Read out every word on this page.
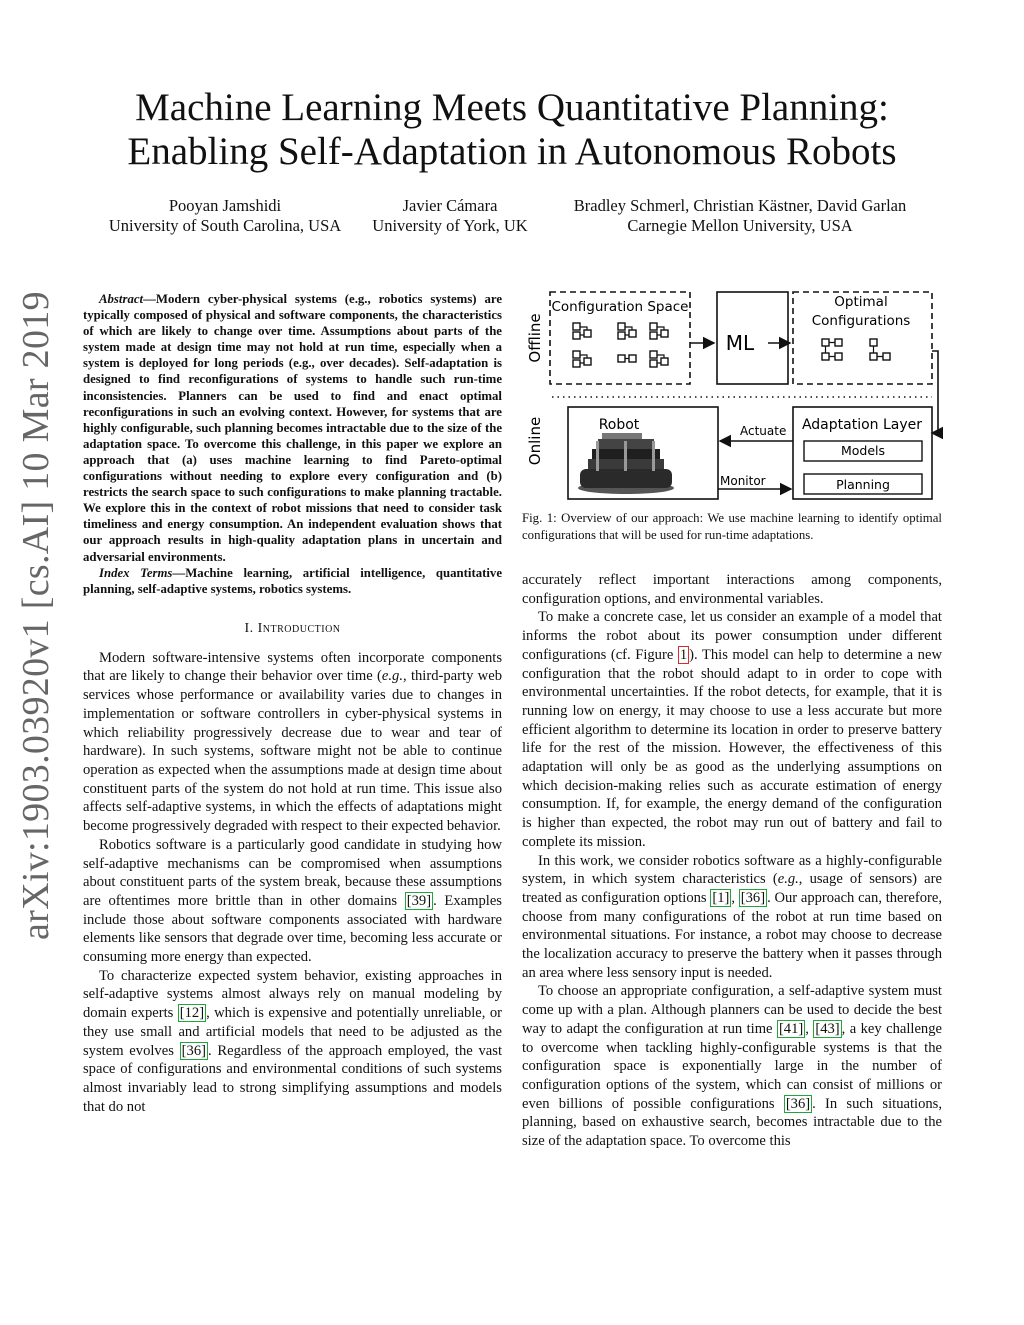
arXiv:1903.03920v1 [cs.AI] 10 Mar 2019
Machine Learning Meets Quantitative Planning:
Enabling Self-Adaptation in Autonomous Robots
Pooyan Jamshidi
University of South Carolina, USA
Javier Cámara
University of York, UK
Bradley Schmerl, Christian Kästner, David Garlan
Carnegie Mellon University, USA
Abstract—Modern cyber-physical systems (e.g., robotics systems) are typically composed of physical and software components, the characteristics of which are likely to change over time. Assumptions about parts of the system made at design time may not hold at run time, especially when a system is deployed for long periods (e.g., over decades). Self-adaptation is designed to find reconfigurations of systems to handle such run-time inconsistencies. Planners can be used to find and enact optimal reconfigurations in such an evolving context. However, for systems that are highly configurable, such planning becomes intractable due to the size of the adaptation space. To overcome this challenge, in this paper we explore an approach that (a) uses machine learning to find Pareto-optimal configurations without needing to explore every configuration and (b) restricts the search space to such configurations to make planning tractable. We explore this in the context of robot missions that need to consider task timeliness and energy consumption. An independent evaluation shows that our approach results in high-quality adaptation plans in uncertain and adversarial environments.
Index Terms—Machine learning, artificial intelligence, quantitative planning, self-adaptive systems, robotics systems.
I. Introduction

Modern software-intensive systems often incorporate components that are likely to change their behavior over time (e.g., third-party web services whose performance or availability varies due to changes in implementation or software controllers in cyber-physical systems in which reliability progressively decrease due to wear and tear of hardware). In such systems, software might not be able to continue operation as expected when the assumptions made at design time about constituent parts of the system do not hold at run time. This issue also affects self-adaptive systems, in which the effects of adaptations might become progressively degraded with respect to their expected behavior.

Robotics software is a particularly good candidate in studying how self-adaptive mechanisms can be compromised when assumptions about constituent parts of the system break, because these assumptions are oftentimes more brittle than in other domains [39] . Examples include those about software components associated with hardware elements like sensors that degrade over time, becoming less accurate or consuming more energy than expected.

To characterize expected system behavior, existing approaches in self-adaptive systems almost always rely on manual modeling by domain experts [12] , which is expensive and potentially unreliable, or they use small and artificial models that need to be adjusted as the system evolves [36] . Regardless of the approach employed, the vast space of configurations and environmental conditions of such systems almost invariably lead to strong simplifying assumptions and models that do not

Offline
Online
Configuration Space
ML
Optimal
Configurations
Robot	Adaptation Layer
Models
Planning
Actuate
Monitor
Fig. 1: Overview of our approach: We use machine learning to identify optimal configurations that will be used for run-time adaptations.

accurately reflect important interactions among components, configuration options, and environmental variables.

To make a concrete case, let us consider an example of a model that informs the robot about its power consumption under different configurations (cf. Figure 1 ). This model can help to determine a new configuration that the robot should adapt to in order to cope with environmental uncertainties. If the robot detects, for example, that it is running low on energy, it may choose to use a less accurate but more efficient algorithm to determine its location in order to preserve battery life for the rest of the mission. However, the effectiveness of this adaptation will only be as good as the underlying assumptions on which decision-making relies such as accurate estimation of energy consumption. If, for example, the energy demand of the configuration is higher than expected, the robot may run out of battery and fail to complete its mission.

In this work, we consider robotics software as a highly-configurable system, in which system characteristics (e.g., usage of sensors) are treated as configuration options [1] , [36] . Our approach can, therefore, choose from many configurations of the robot at run time based on environmental situations. For instance, a robot may choose to decrease the localization accuracy to preserve the battery when it passes through an area where less sensory input is needed.

To choose an appropriate configuration, a self-adaptive system must come up with a plan. Although planners can be used to decide the best way to adapt the configuration at run time [41] , [43] , a key challenge to overcome when tackling highly-configurable systems is that the configuration space is exponentially large in the number of configuration options of the system, which can consist of millions or even billions of possible configurations [36] . In such situations, planning, based on exhaustive search, becomes intractable due to the size of the adaptation space. To overcome this
